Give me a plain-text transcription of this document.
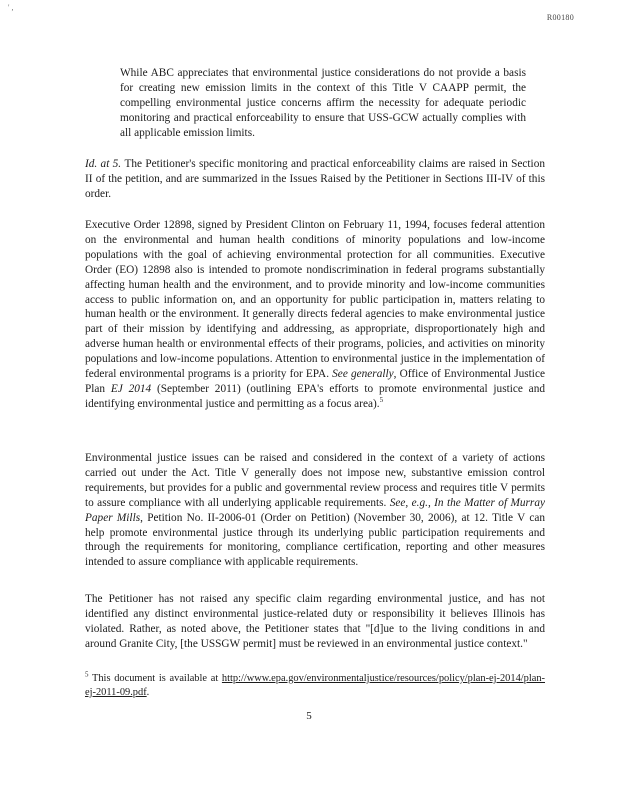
' ,
R00180

While ABC appreciates that environmental justice considerations do not provide a basis for creating new emission limits in the context of this Title V CAAPP permit, the compelling environmental justice concerns affirm the necessity for adequate periodic monitoring and practical enforceability to ensure that USS-GCW actually complies with all applicable emission limits.

Id. at 5. The Petitioner's specific monitoring and practical enforceability claims are raised in Section II of the petition, and are summarized in the Issues Raised by the Petitioner in Sections III-IV of this order.

Executive Order 12898, signed by President Clinton on February 11, 1994, focuses federal attention on the environmental and human health conditions of minority populations and low-income populations with the goal of achieving environmental protection for all communities. Executive Order (EO) 12898 also is intended to promote nondiscrimination in federal programs substantially affecting human health and the environment, and to provide minority and low-income communities access to public information on, and an opportunity for public participation in, matters relating to human health or the environment. It generally directs federal agencies to make environmental justice part of their mission by identifying and addressing, as appropriate, disproportionately high and adverse human health or environmental effects of their programs, policies, and activities on minority populations and low-income populations. Attention to environmental justice in the implementation of federal environmental programs is a priority for EPA. See generally, Office of Environmental Justice Plan EJ 2014 (September 2011) (outlining EPA's efforts to promote environmental justice and identifying environmental justice and permitting as a focus area).$^5$

Environmental justice issues can be raised and considered in the context of a variety of actions carried out under the Act. Title V generally does not impose new, substantive emission control requirements, but provides for a public and governmental review process and requires title V permits to assure compliance with all underlying applicable requirements. See, e.g., In the Matter of Murray Paper Mills, Petition No. II-2006-01 (Order on Petition) (November 30, 2006), at 12. Title V can help promote environmental justice through its underlying public participation requirements and through the requirements for monitoring, compliance certification, reporting and other measures intended to assure compliance with applicable requirements.

The Petitioner has not raised any specific claim regarding environmental justice, and has not identified any distinct environmental justice-related duty or responsibility it believes Illinois has violated. Rather, as noted above, the Petitioner states that "[d]ue to the living conditions in and around Granite City, [the USSGW permit] must be reviewed in an environmental justice context."

$^5$ This document is available at http://www.epa.gov/environmentaljustice/resources/policy/plan-ej-2014/plan-ej-2011-09.pdf.

5
